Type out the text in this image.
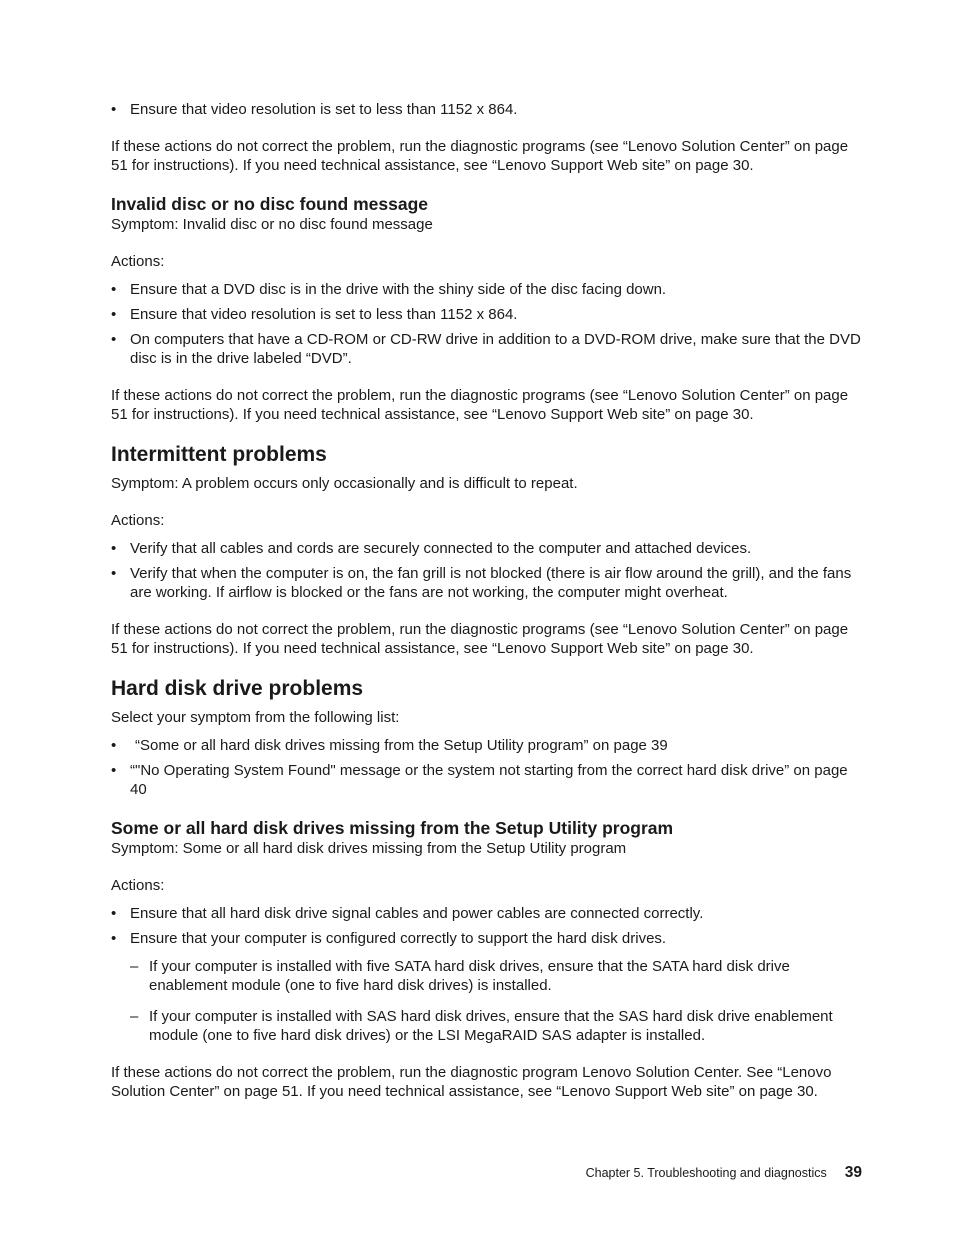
• Ensure that video resolution is set to less than 1152 x 864.

If these actions do not correct the problem, run the diagnostic programs (see “Lenovo Solution Center” on page 51 for instructions). If you need technical assistance, see “Lenovo Support Web site” on page 30.

Invalid disc or no disc found message

Symptom: Invalid disc or no disc found message

Actions:

• Ensure that a DVD disc is in the drive with the shiny side of the disc facing down.
• Ensure that video resolution is set to less than 1152 x 864.
• On computers that have a CD-ROM or CD-RW drive in addition to a DVD-ROM drive, make sure that the DVD disc is in the drive labeled “DVD”.

If these actions do not correct the problem, run the diagnostic programs (see “Lenovo Solution Center” on page 51 for instructions). If you need technical assistance, see “Lenovo Support Web site” on page 30.

Intermittent problems

Symptom: A problem occurs only occasionally and is difficult to repeat.

Actions:

• Verify that all cables and cords are securely connected to the computer and attached devices.
• Verify that when the computer is on, the fan grill is not blocked (there is air flow around the grill), and the fans are working. If airflow is blocked or the fans are not working, the computer might overheat.

If these actions do not correct the problem, run the diagnostic programs (see “Lenovo Solution Center” on page 51 for instructions). If you need technical assistance, see “Lenovo Support Web site” on page 30.

Hard disk drive problems

Select your symptom from the following list:

•	“Some or all hard disk drives missing from the Setup Utility program” on page 39
• “"No Operating System Found" message or the system not starting from the correct hard disk drive” on page 40
Some or all hard disk drives missing from the Setup Utility program

Symptom: Some or all hard disk drives missing from the Setup Utility program

Actions:

• Ensure that all hard disk drive signal cables and power cables are connected correctly.
• Ensure that your computer is configured correctly to support the hard disk drives.
– If your computer is installed with five SATA hard disk drives, ensure that the SATA hard disk drive enablement module (one to five hard disk drives) is installed.
– If your computer is installed with SAS hard disk drives, ensure that the SAS hard disk drive enablement module (one to five hard disk drives) or the LSI MegaRAID SAS adapter is installed.

If these actions do not correct the problem, run the diagnostic program Lenovo Solution Center. See “Lenovo Solution Center” on page 51. If you need technical assistance, see “Lenovo Support Web site” on page 30.

Chapter 5. Troubleshooting and diagnostics 39
